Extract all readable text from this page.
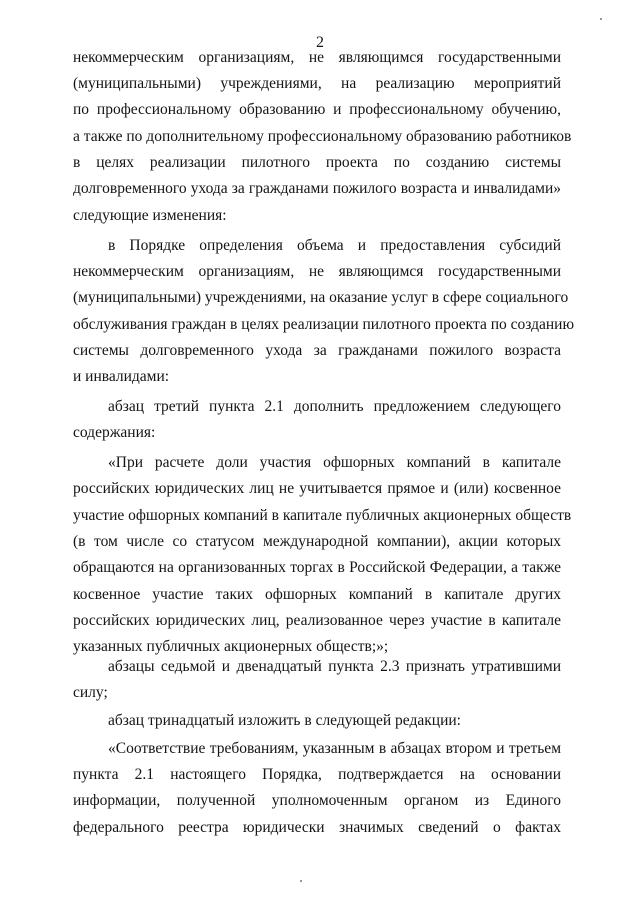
2
некоммерческим организациям, не являющимся государственными
(муниципальными) учреждениями, на реализацию мероприятий
по профессиональному образованию и профессиональному обучению,
а также по дополнительному профессиональному образованию работников
в целях реализации пилотного проекта по созданию системы
долговременного ухода за гражданами пожилого возраста и инвалидами»
следующие изменения:
в Порядке определения объема и предоставления субсидий
некоммерческим организациям, не являющимся государственными
(муниципальными) учреждениями, на оказание услуг в сфере социального
обслуживания граждан в целях реализации пилотного проекта по созданию
системы долговременного ухода за гражданами пожилого возраста
и инвалидами:
абзац третий пункта 2.1 дополнить предложением следующего
содержания:
«При расчете доли участия офшорных компаний в капитале
российских юридических лиц не учитывается прямое и (или) косвенное
участие офшорных компаний в капитале публичных акционерных обществ
(в том числе со статусом международной компании), акции которых
обращаются на организованных торгах в Российской Федерации, а также
косвенное участие таких офшорных компаний в капитале других
российских юридических лиц, реализованное через участие в капитале
указанных публичных акционерных обществ;»;
абзацы седьмой и двенадцатый пункта 2.3 признать утратившими
силу;
абзац тринадцатый изложить в следующей редакции:
«Соответствие требованиям, указанным в абзацах втором и третьем
пункта 2.1 настоящего Порядка, подтверждается на основании
информации, полученной уполномоченным органом из Единого
федерального реестра юридически значимых сведений о фактах
